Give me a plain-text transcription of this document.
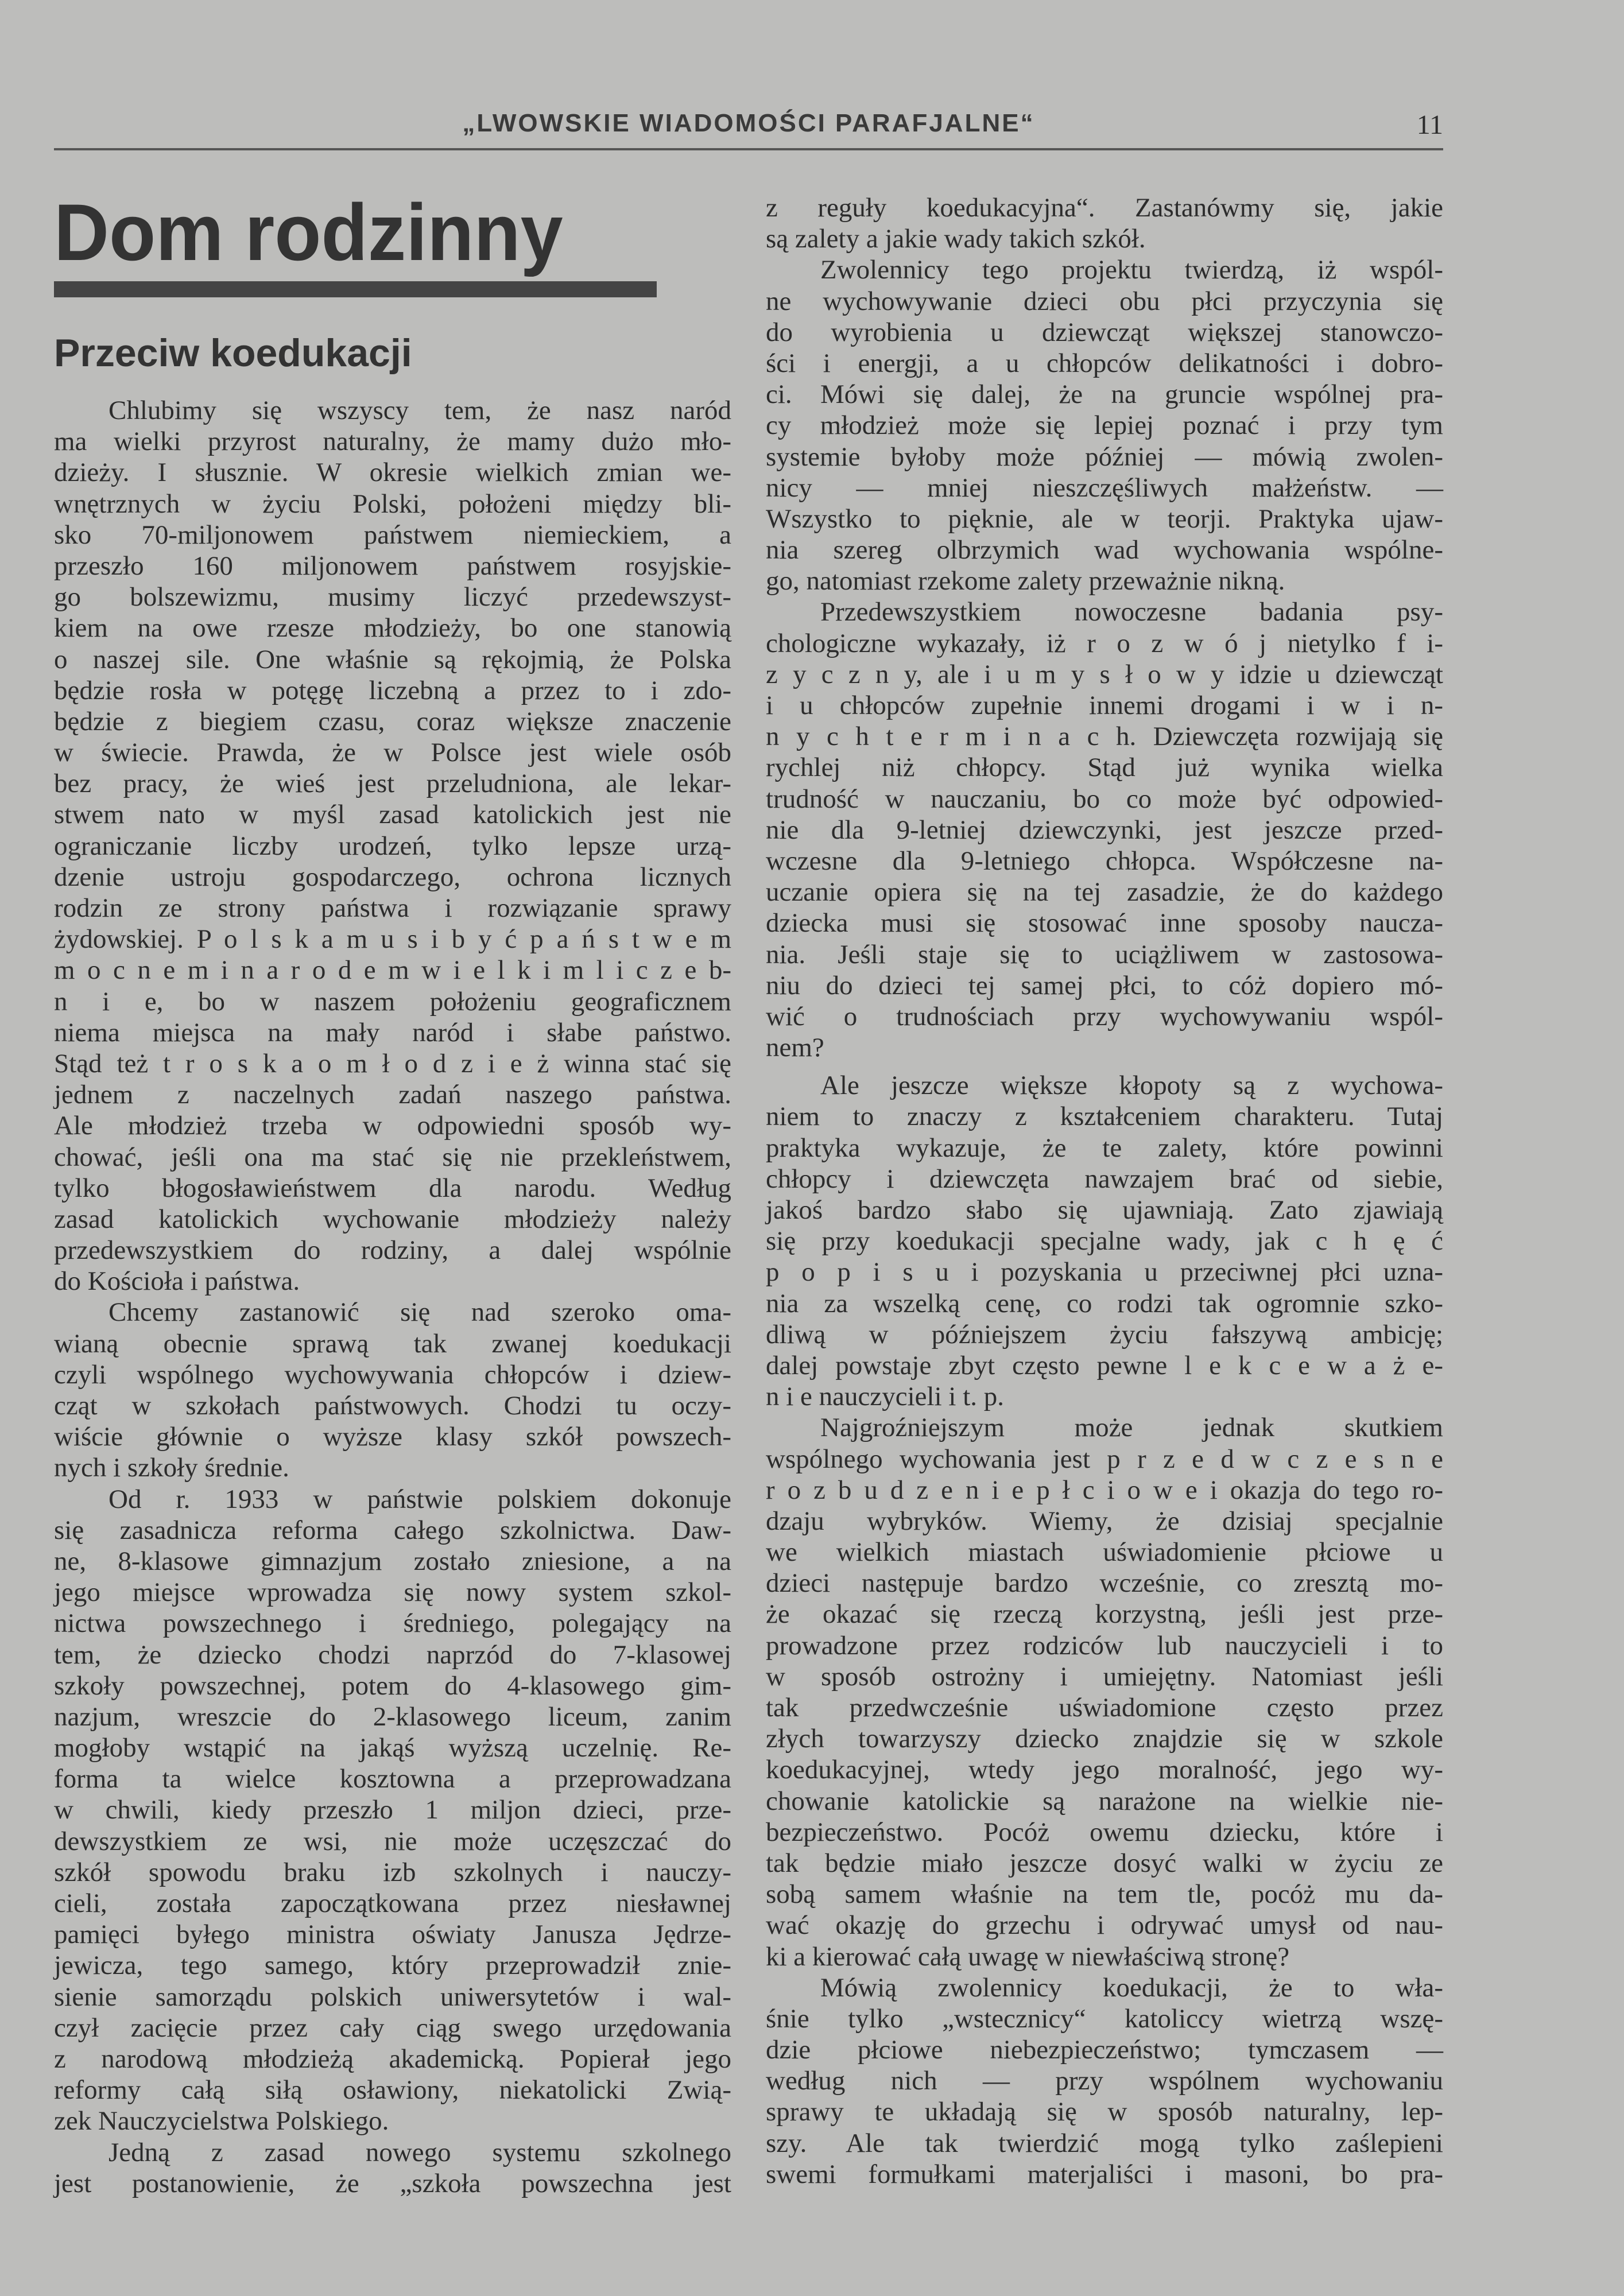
„LWOWSKIE WIADOMOŚCI PARAFJALNE“	11
Dom rodzinny
Przeciw koedukacji
Chlubimy się wszyscy tem, że nasz naród
ma wielki przyrost naturalny, że mamy dużo mło-
dzieży. I słusznie. W okresie wielkich zmian we-
wnętrznych w życiu Polski, położeni między bli-
sko 70-miljonowem państwem niemieckiem, a
przeszło 160 miljonowem państwem rosyjskie-
go bolszewizmu, musimy liczyć przedewszyst-
kiem na owe rzesze młodzieży, bo one stanowią
o naszej sile. One właśnie są rękojmią, że Polska
będzie rosła w potęgę liczebną a przez to i zdo-
będzie z biegiem czasu, coraz większe znaczenie
w świecie. Prawda, że w Polsce jest wiele osób
bez pracy, że wieś jest przeludniona, ale lekar-
stwem nato w myśl zasad katolickich jest nie
ograniczanie liczby urodzeń, tylko lepsze urzą-
dzenie ustroju gospodarczego, ochrona licznych
rodzin ze strony państwa i rozwiązanie sprawy
żydowskiej. P o l s k a m u s i b y ć p a ń s t w e m
m o c n e m i n a r o d e m w i e l k i m l i c z e b-
n i e, bo w naszem położeniu geograficznem
niema miejsca na mały naród i słabe państwo.
Stąd też t r o s k a o m ł o d z i e ż winna stać się
jednem z naczelnych zadań naszego państwa.
Ale młodzież trzeba w odpowiedni sposób wy-
chować, jeśli ona ma stać się nie przekleństwem,
tylko błogosławieństwem dla narodu. Według
zasad katolickich wychowanie młodzieży należy
przedewszystkiem do rodziny, a dalej wspólnie
do Kościoła i państwa.
Chcemy zastanowić się nad szeroko oma-
wianą obecnie sprawą tak zwanej koedukacji
czyli wspólnego wychowywania chłopców i dziew-
cząt w szkołach państwowych. Chodzi tu oczy-
wiście głównie o wyższe klasy szkół powszech-
nych i szkoły średnie.
Od r. 1933 w państwie polskiem dokonuje
się zasadnicza reforma całego szkolnictwa. Daw-
ne, 8-klasowe gimnazjum zostało zniesione, a na
jego miejsce wprowadza się nowy system szkol-
nictwa powszechnego i średniego, polegający na
tem, że dziecko chodzi naprzód do 7-klasowej
szkoły powszechnej, potem do 4-klasowego gim-
nazjum, wreszcie do 2-klasowego liceum, zanim
mogłoby wstąpić na jakąś wyższą uczelnię. Re-
forma ta wielce kosztowna a przeprowadzana
w chwili, kiedy przeszło 1 miljon dzieci, prze-
dewszystkiem ze wsi, nie może uczęszczać do
szkół spowodu braku izb szkolnych i nauczy-
cieli, została zapoczątkowana przez niesławnej
pamięci byłego ministra oświaty Janusza Jędrze-
jewicza, tego samego, który przeprowadził znie-
sienie samorządu polskich uniwersytetów i wal-
czył zacięcie przez cały ciąg swego urzędowania
z narodową młodzieżą akademicką. Popierał jego
reformy całą siłą osławiony, niekatolicki Zwią-
zek Nauczycielstwa Polskiego.
Jedną z zasad nowego systemu szkolnego
jest postanowienie, że „szkoła powszechna jest
z reguły koedukacyjna“. Zastanówmy się, jakie
są zalety a jakie wady takich szkół.
Zwolennicy tego projektu twierdzą, iż wspól-
ne wychowywanie dzieci obu płci przyczynia się
do wyrobienia u dziewcząt większej stanowczo-
ści i energji, a u chłopców delikatności i dobro-
ci. Mówi się dalej, że na gruncie wspólnej pra-
cy młodzież może się lepiej poznać i przy tym
systemie byłoby może później — mówią zwolen-
nicy — mniej nieszczęśliwych małżeństw. —
Wszystko to pięknie, ale w teorji. Praktyka ujaw-
nia szereg olbrzymich wad wychowania wspólne-
go, natomiast rzekome zalety przeważnie nikną.
Przedewszystkiem nowoczesne badania psy-
chologiczne wykazały, iż r o z w ó j nietylko f i-
z y c z n y, ale i u m y s ł o w y idzie u dziewcząt
i u chłopców zupełnie innemi drogami i w i n-
n y c h t e r m i n a c h. Dziewczęta rozwijają się
rychlej niż chłopcy. Stąd już wynika wielka
trudność w nauczaniu, bo co może być odpowied-
nie dla 9-letniej dziewczynki, jest jeszcze przed-
wczesne dla 9-letniego chłopca. Współczesne na-
uczanie opiera się na tej zasadzie, że do każdego
dziecka musi się stosować inne sposoby naucza-
nia. Jeśli staje się to uciążliwem w zastosowa-
niu do dzieci tej samej płci, to cóż dopiero mó-
wić o trudnościach przy wychowywaniu wspól-
nem?
Ale jeszcze większe kłopoty są z wychowa-
niem to znaczy z kształceniem charakteru. Tutaj
praktyka wykazuje, że te zalety, które powinni
chłopcy i dziewczęta nawzajem brać od siebie,
jakoś bardzo słabo się ujawniają. Zato zjawiają
się przy koedukacji specjalne wady, jak c h ę ć
p o p i s u i pozyskania u przeciwnej płci uzna-
nia za wszelką cenę, co rodzi tak ogromnie szko-
dliwą w późniejszem życiu fałszywą ambicję;
dalej powstaje zbyt często pewne l e k c e w a ż e-
n i e nauczycieli i t. p.
Najgroźniejszym może jednak skutkiem
wspólnego wychowania jest p r z e d w c z e s n e
r o z b u d z e n i e p ł c i o w e i okazja do tego ro-
dzaju wybryków. Wiemy, że dzisiaj specjalnie
we wielkich miastach uświadomienie płciowe u
dzieci następuje bardzo wcześnie, co zresztą mo-
że okazać się rzeczą korzystną, jeśli jest prze-
prowadzone przez rodziców lub nauczycieli i to
w sposób ostrożny i umiejętny. Natomiast jeśli
tak przedwcześnie uświadomione często przez
złych towarzyszy dziecko znajdzie się w szkole
koedukacyjnej, wtedy jego moralność, jego wy-
chowanie katolickie są narażone na wielkie nie-
bezpieczeństwo. Pocóż owemu dziecku, które i
tak będzie miało jeszcze dosyć walki w życiu ze
sobą samem właśnie na tem tle, pocóż mu da-
wać okazję do grzechu i odrywać umysł od nau-
ki a kierować całą uwagę w niewłaściwą stronę?
Mówią zwolennicy koedukacji, że to wła-
śnie tylko „wstecznicy“ katoliccy wietrzą wszę-
dzie płciowe niebezpieczeństwo; tymczasem —
według nich — przy wspólnem wychowaniu
sprawy te układają się w sposób naturalny, lep-
szy. Ale tak twierdzić mogą tylko zaślepieni
swemi formułkami materjaliści i masoni, bo pra-
